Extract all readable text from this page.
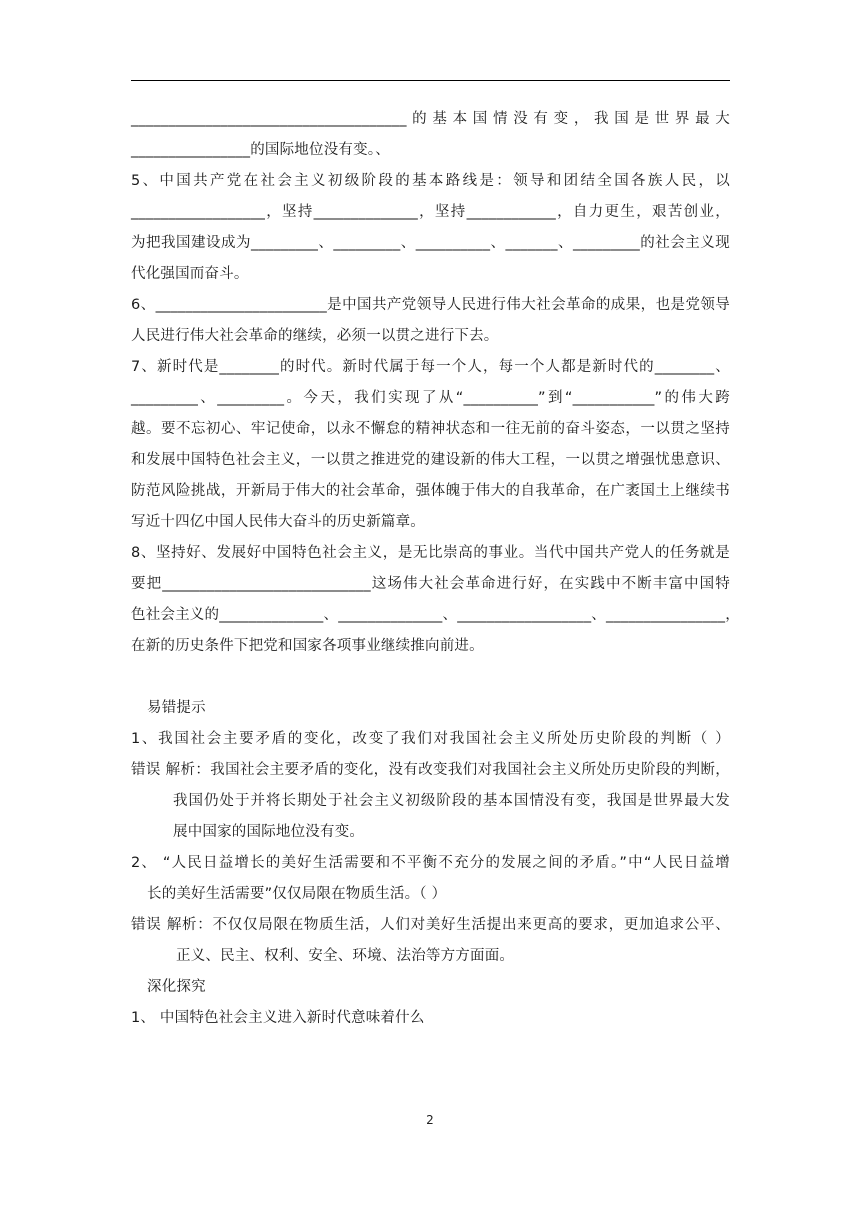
_____________________________________的基本国情没有变，我国是世界最大
________________的国际地位没有变。、
5、中国共产党在社会主义初级阶段的基本路线是：领导和团结全国各族人民，以
__________________，坚持______________，坚持____________，自力更生，艰苦创业，
为把我国建设成为_________、_________、__________、_______、_________的社会主义现
代化强国而奋斗。
6、_______________________是中国共产党领导人民进行伟大社会革命的成果，也是党领导
人民进行伟大社会革命的继续，必须一以贯之进行下去。
7、新时代是________的时代。新时代属于每一个人，每一个人都是新时代的________、
_________、_________。今天，我们实现了从“__________”到“___________”的伟大跨
越。要不忘初心、牢记使命，以永不懈怠的精神状态和一往无前的奋斗姿态，一以贯之坚持
和发展中国特色社会主义，一以贯之推进党的建设新的伟大工程，一以贯之增强忧患意识、
防范风险挑战，开新局于伟大的社会革命，强体魄于伟大的自我革命，在广袤国土上继续书
写近十四亿中国人民伟大奋斗的历史新篇章。
8、坚持好、发展好中国特色社会主义，是无比崇高的事业。当代中国共产党人的任务就是
要把____________________________这场伟大社会革命进行好，在实践中不断丰富中国特
色社会主义的______________、______________、__________________、________________，
在新的历史条件下把党和国家各项事业继续推向前进。
易错提示
1、我国社会主要矛盾的变化，改变了我们对我国社会主义所处历史阶段的判断（ ）
错误 解析：我国社会主要矛盾的变化，没有改变我们对我国社会主义所处历史阶段的判断，
我国仍处于并将长期处于社会主义初级阶段的基本国情没有变，我国是世界最大发
展中国家的国际地位没有变。
2、 “人民日益增长的美好生活需要和不平衡不充分的发展之间的矛盾。”中“人民日益增
长的美好生活需要”仅仅局限在物质生活。（ ）
错误 解析：不仅仅局限在物质生活，人们对美好生活提出来更高的要求，更加追求公平、
正义、民主、权利、安全、环境、法治等方方面面。
深化探究
1、 中国特色社会主义进入新时代意味着什么
2
